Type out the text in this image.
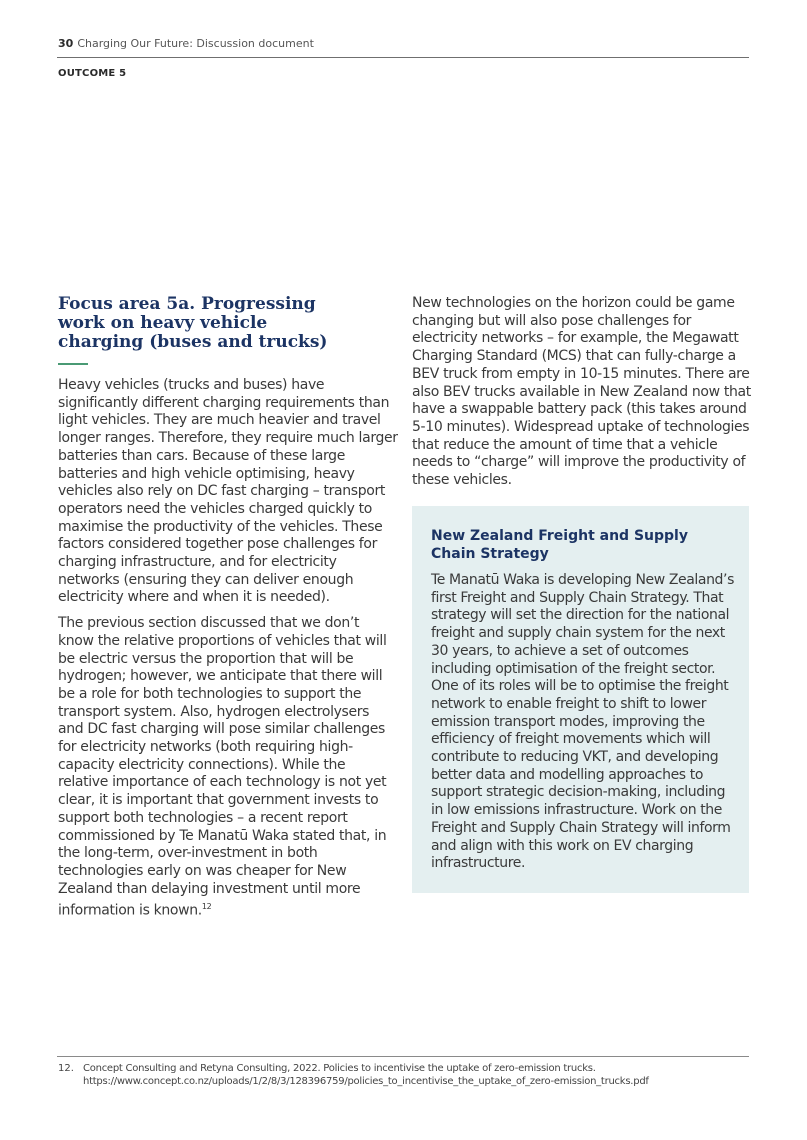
30 Charging Our Future: Discussion document
OUTCOME 5
Focus area 5a. Progressing work on heavy vehicle charging (buses and trucks)

Heavy vehicles (trucks and buses) have significantly different charging requirements than light vehicles. They are much heavier and travel longer ranges. Therefore, they require much larger batteries than cars. Because of these large batteries and high vehicle optimising, heavy vehicles also rely on DC fast charging – transport operators need the vehicles charged quickly to maximise the productivity of the vehicles. These factors considered together pose challenges for charging infrastructure, and for electricity networks (ensuring they can deliver enough electricity where and when it is needed).

The previous section discussed that we don’t know the relative proportions of vehicles that will be electric versus the proportion that will be hydrogen; however, we anticipate that there will be a role for both technologies to support the transport system. Also, hydrogen electrolysers and DC fast charging will pose similar challenges for electricity networks (both requiring high-capacity electricity connections). While the relative importance of each technology is not yet clear, it is important that government invests to support both technologies – a recent report commissioned by Te Manatū Waka stated that, in the long-term, over-investment in both technologies early on was cheaper for New Zealand than delaying investment until more information is known.$^{12}$

New technologies on the horizon could be game changing but will also pose challenges for electricity networks – for example, the Megawatt Charging Standard (MCS) that can fully-charge a BEV truck from empty in 10-15 minutes. There are also BEV trucks available in New Zealand now that have a swappable battery pack (this takes around 5-10 minutes). Widespread uptake of technologies that reduce the amount of time that a vehicle needs to “charge” will improve the productivity of these vehicles.

New Zealand Freight and Supply Chain Strategy

Te Manatū Waka is developing New Zealand’s first Freight and Supply Chain Strategy. That strategy will set the direction for the national freight and supply chain system for the next 30 years, to achieve a set of outcomes including optimisation of the freight sector. One of its roles will be to optimise the freight network to enable freight to shift to lower emission transport modes, improving the efficiency of freight movements which will contribute to reducing VKT, and developing better data and modelling approaches to support strategic decision-making, including in low emissions infrastructure. Work on the Freight and Supply Chain Strategy will inform and align with this work on EV charging infrastructure.

12. Concept Consulting and Retyna Consulting, 2022. Policies to incentivise the uptake of zero-emission trucks. https://www.concept.co.nz/uploads/1/2/8/3/128396759/policies_to_incentivise_the_uptake_of_zero-emission_trucks.pdf
